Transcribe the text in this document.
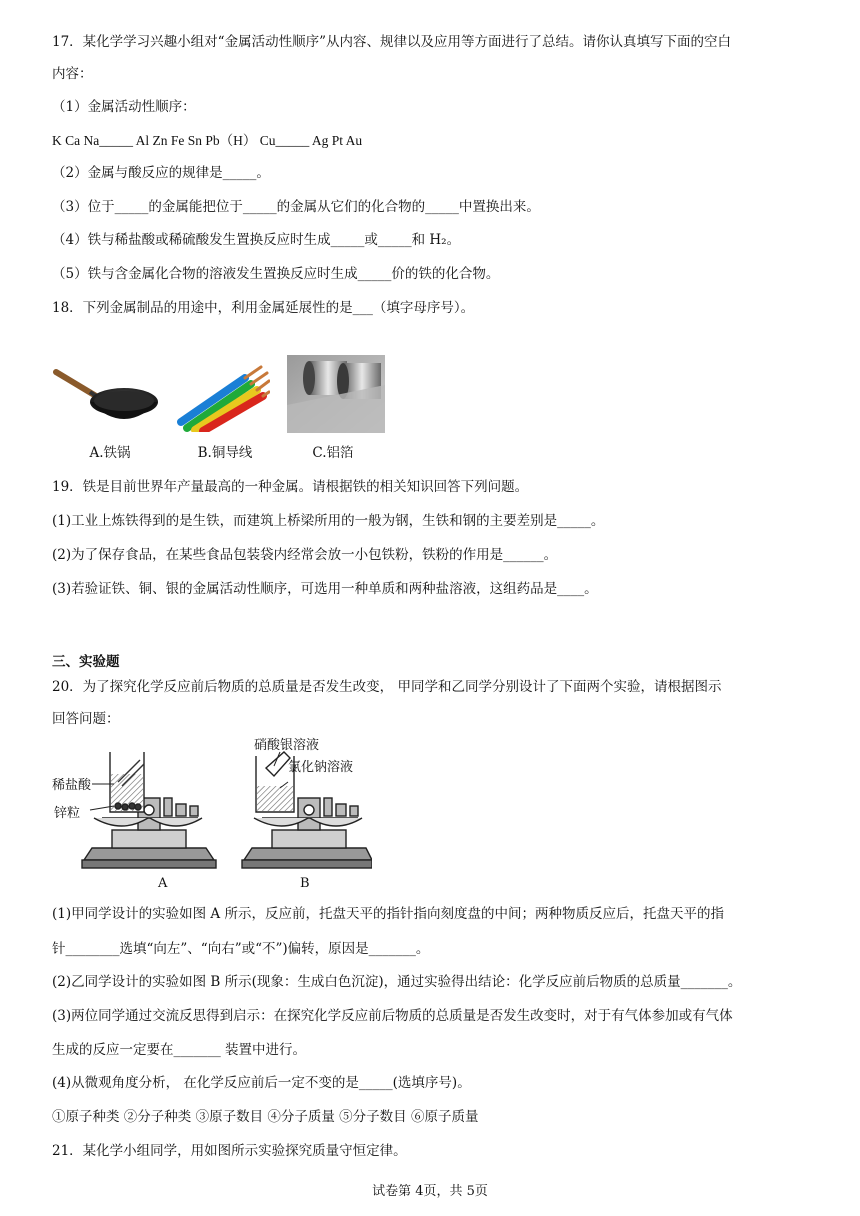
17．某化学学习兴趣小组对“金属活动性顺序”从内容、规律以及应用等方面进行了总结。请你认真填写下面的空白
内容：
（1）金属活动性顺序：
K Ca Na_____ Al Zn Fe Sn Pb（H） Cu_____ Ag Pt Au
（2）金属与酸反应的规律是_____。
（3）位于_____的金属能把位于_____的金属从它们的化合物的_____中置换出来。
（4）铁与稀盐酸或稀硫酸发生置换反应时生成_____或_____和 H₂。
（5）铁与含金属化合物的溶液发生置换反应时生成_____价的铁的化合物。
18．下列金属制品的用途中，利用金属延展性的是___（填字母序号）。
A.铁锅	B.铜导线	C.铝箔
19．铁是目前世界年产量最高的一种金属。请根据铁的相关知识回答下列问题。
(1)工业上炼铁得到的是生铁，而建筑上桥梁所用的一般为钢，生铁和钢的主要差别是_____。
(2)为了保存食品，在某些食品包装袋内经常会放一小包铁粉，铁粉的作用是______。
(3)若验证铁、铜、银的金属活动性顺序，可选用一种单质和两种盐溶液，这组药品是____。
三、实验题
20．为了探究化学反应前后物质的总质量是否发生改变， 甲同学和乙同学分别设计了下面两个实验，请根据图示
回答问题：
稀盐酸
锌粒
硝酸银溶液
氯化钠溶液
A	B
(1)甲同学设计的实验如图 A 所示，反应前，托盘天平的指针指向刻度盘的中间；两种物质反应后，托盘天平的指
针________选填“向左”、“向右”或“不”)偏转，原因是_______。
(2)乙同学设计的实验如图 B 所示(现象：生成白色沉淀)，通过实验得出结论：化学反应前后物质的总质量_______。
(3)两位同学通过交流反思得到启示：在探究化学反应前后物质的总质量是否发生改变时，对于有气体参加或有气体
生成的反应一定要在_______ 装置中进行。
(4)从微观角度分析， 在化学反应前后一定不变的是_____(选填序号)。
①原子种类 ②分子种类 ③原子数目 ④分子质量 ⑤分子数目 ⑥原子质量
21．某化学小组同学，用如图所示实验探究质量守恒定律。
试卷第 4页，共 5页
